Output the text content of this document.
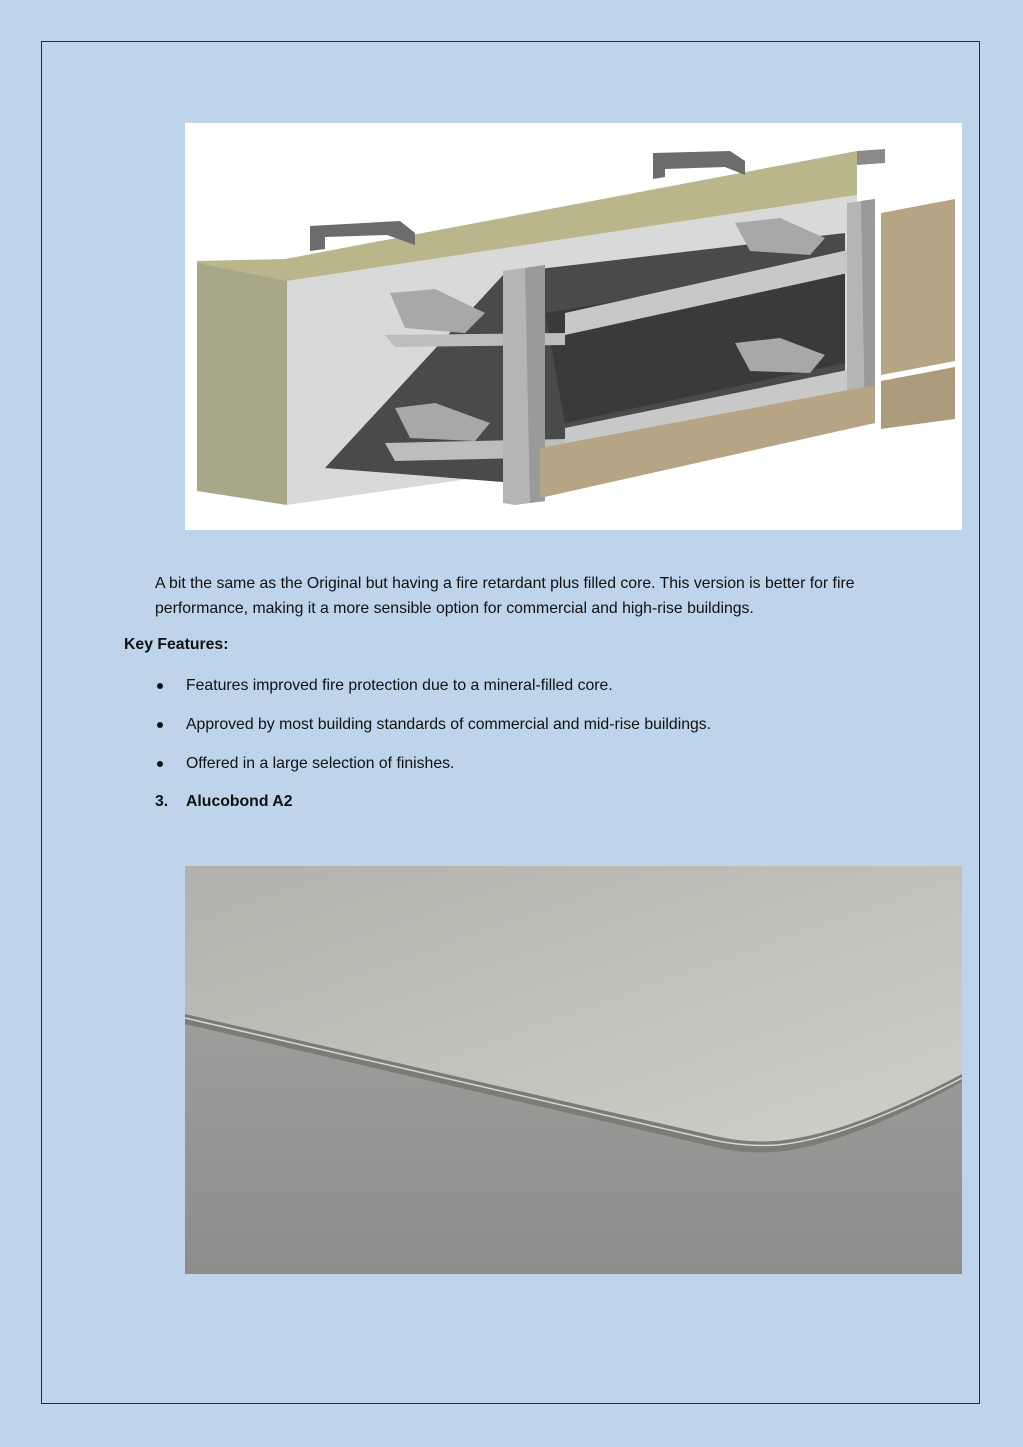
A bit the same as the Original but having a fire retardant plus filled core. This version is better for fire performance, making it a more sensible option for commercial and high-rise buildings.

Key Features:

Features improved fire protection due to a mineral-filled core.
Approved by most building standards of commercial and mid-rise buildings.
Offered in a large selection of finishes.
3. Alucobond A2
